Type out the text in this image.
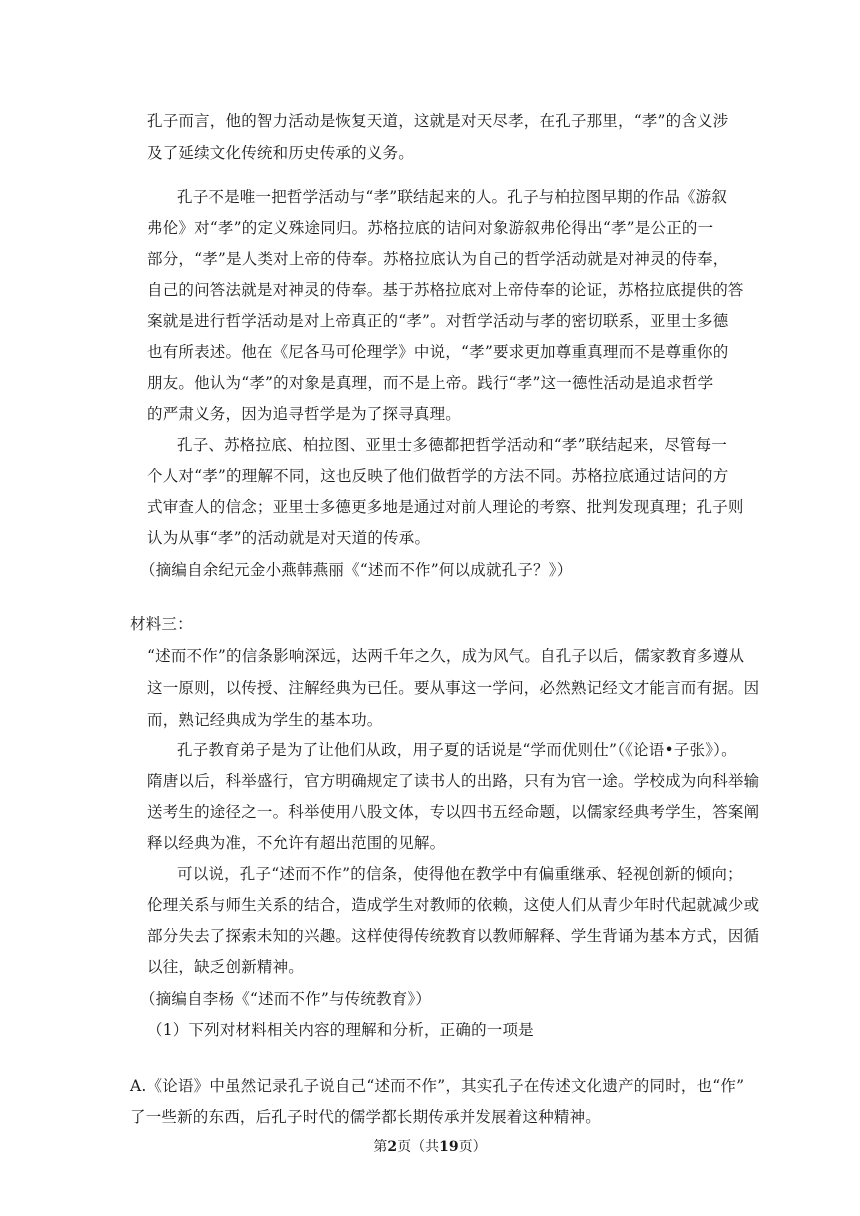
孔子而言，他的智力活动是恢复天道，这就是对天尽孝，在孔子那里，“孝”的含义涉
及了延续文化传统和历史传承的义务。
孔子不是唯一把哲学活动与“孝”联结起来的人。孔子与柏拉图早期的作品《游叙
弗伦》对“孝”的定义殊途同归。苏格拉底的诘问对象游叙弗伦得出“孝”是公正的一
部分，“孝”是人类对上帝的侍奉。苏格拉底认为自己的哲学活动就是对神灵的侍奉，
自己的问答法就是对神灵的侍奉。基于苏格拉底对上帝侍奉的论证，苏格拉底提供的答
案就是进行哲学活动是对上帝真正的“孝”。对哲学活动与孝的密切联系，亚里士多德
也有所表述。他在《尼各马可伦理学》中说，“孝”要求更加尊重真理而不是尊重你的
朋友。他认为“孝”的对象是真理，而不是上帝。践行“孝”这一德性活动是追求哲学
的严肃义务，因为追寻哲学是为了探寻真理。
孔子、苏格拉底、柏拉图、亚里士多德都把哲学活动和“孝”联结起来，尽管每一
个人对“孝”的理解不同，这也反映了他们做哲学的方法不同。苏格拉底通过诘问的方
式审查人的信念；亚里士多德更多地是通过对前人理论的考察、批判发现真理；孔子则
认为从事“孝”的活动就是对天道的传承。
（摘编自余纪元金小燕韩燕丽《“述而不作”何以成就孔子？》）
材料三：
“述而不作”的信条影响深远，达两千年之久，成为风气。自孔子以后，儒家教育多遵从
这一原则，以传授、注解经典为已任。要从事这一学问，必然熟记经文才能言而有据。因
而，熟记经典成为学生的基本功。
孔子教育弟子是为了让他们从政，用子夏的话说是“学而优则仕”（《论语•子张》）。
隋唐以后，科举盛行，官方明确规定了读书人的出路，只有为官一途。学校成为向科举输
送考生的途径之一。科举使用八股文体，专以四书五经命题，以儒家经典考学生，答案阐
释以经典为准，不允许有超出范围的见解。
可以说，孔子“述而不作”的信条，使得他在教学中有偏重继承、轻视创新的倾向；
伦理关系与师生关系的结合，造成学生对教师的依赖，这使人们从青少年时代起就减少或
部分失去了探索未知的兴趣。这样使得传统教育以教师解释、学生背诵为基本方式，因循
以往，缺乏创新精神。
（摘编自李杨《“述而不作”与传统教育》）
（1）下列对材料相关内容的理解和分析，正确的一项是
A.《论语》中虽然记录孔子说自己“述而不作”，其实孔子在传述文化遗产的同时，也“作”
了一些新的东西，后孔子时代的儒学都长期传承并发展着这种精神。
第2页（共19页）
